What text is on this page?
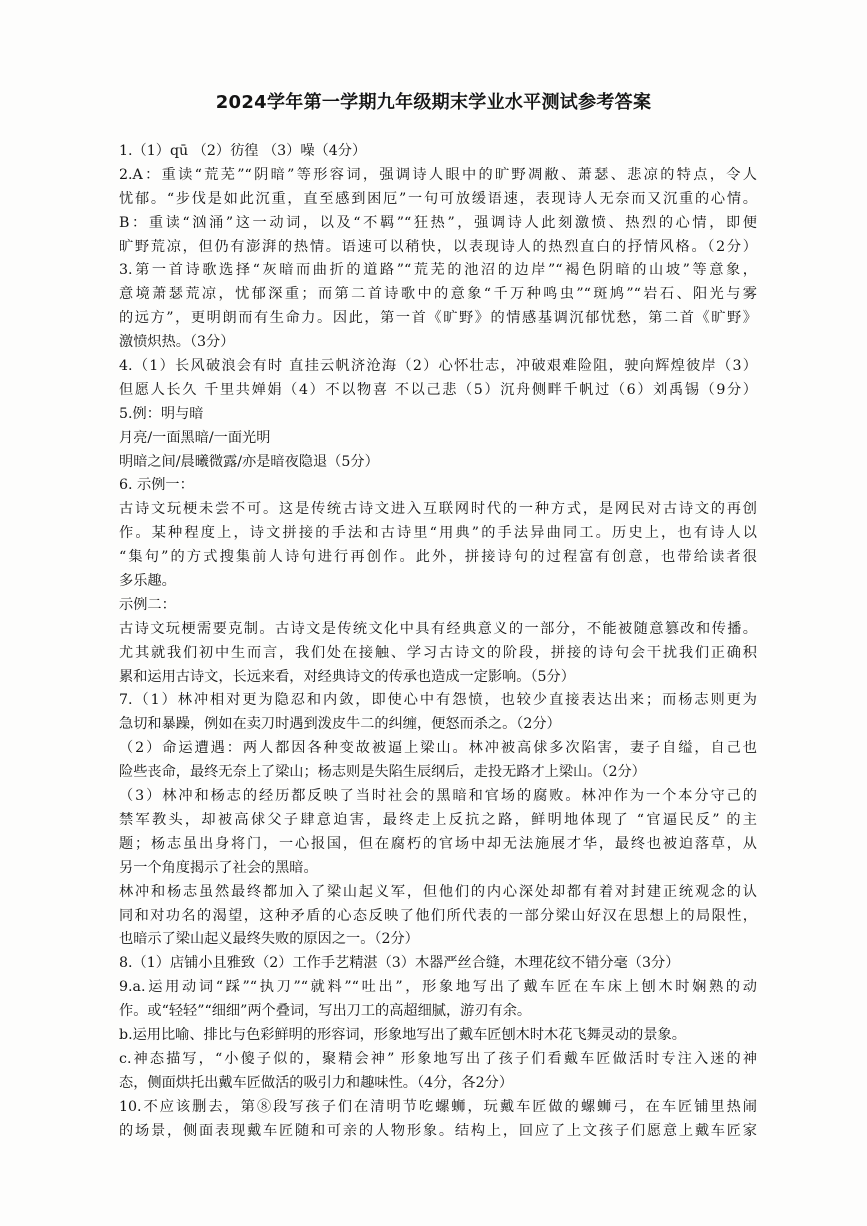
2024学年第一学期九年级期末学业水平测试参考答案
1.（1）qū （2）彷徨 （3）噪（4分）
2.A：重读“荒芜”“阴暗”等形容词，强调诗人眼中的旷野凋敝、萧瑟、悲凉的特点，令人
忧郁。“步伐是如此沉重，直至感到困厄”一句可放缓语速，表现诗人无奈而又沉重的心情。
B：重读“汹涌”这一动词，以及“不羁”“狂热”，强调诗人此刻激愤、热烈的心情，即便
旷野荒凉，但仍有澎湃的热情。语速可以稍快，以表现诗人的热烈直白的抒情风格。（2分）
3.第一首诗歌选择“灰暗而曲折的道路”“荒芜的池沼的边岸”“褐色阴暗的山坡”等意象，
意境萧瑟荒凉，忧郁深重；而第二首诗歌中的意象“千万种鸣虫”“斑鸠”“岩石、阳光与雾
的远方”，更明朗而有生命力。因此，第一首《旷野》的情感基调沉郁忧愁，第二首《旷野》
激愤炽热。（3分）
4.（1）长风破浪会有时 直挂云帆济沧海（2）心怀壮志，冲破艰难险阻，驶向辉煌彼岸（3）
但愿人长久 千里共婵娟（4）不以物喜 不以己悲（5）沉舟侧畔千帆过（6）刘禹锡（9分）
5.例：明与暗
月亮/一面黑暗/一面光明
明暗之间/晨曦微露/亦是暗夜隐退（5分）
6. 示例一：
古诗文玩梗未尝不可。这是传统古诗文进入互联网时代的一种方式，是网民对古诗文的再创
作。某种程度上，诗文拼接的手法和古诗里“用典”的手法异曲同工。历史上，也有诗人以
“集句”的方式搜集前人诗句进行再创作。此外，拼接诗句的过程富有创意，也带给读者很
多乐趣。
示例二：
古诗文玩梗需要克制。古诗文是传统文化中具有经典意义的一部分，不能被随意篡改和传播。
尤其就我们初中生而言，我们处在接触、学习古诗文的阶段，拼接的诗句会干扰我们正确积
累和运用古诗文，长远来看，对经典诗文的传承也造成一定影响。（5分）
7.（1）林冲相对更为隐忍和内敛，即使心中有怨愤，也较少直接表达出来；而杨志则更为
急切和暴躁，例如在卖刀时遇到泼皮牛二的纠缠，便怒而杀之。（2分）
（2）命运遭遇：两人都因各种变故被逼上梁山。林冲被高俅多次陷害，妻子自缢，自己也
险些丧命，最终无奈上了梁山；杨志则是失陷生辰纲后，走投无路才上梁山。（2分）
（3）林冲和杨志的经历都反映了当时社会的黑暗和官场的腐败。林冲作为一个本分守己的
禁军教头，却被高俅父子肆意迫害，最终走上反抗之路，鲜明地体现了 “官逼民反” 的主
题；杨志虽出身将门，一心报国，但在腐朽的官场中却无法施展才华，最终也被迫落草，从
另一个角度揭示了社会的黑暗。
林冲和杨志虽然最终都加入了梁山起义军，但他们的内心深处却都有着对封建正统观念的认
同和对功名的渴望，这种矛盾的心态反映了他们所代表的一部分梁山好汉在思想上的局限性，
也暗示了梁山起义最终失败的原因之一。（2分）
8.（1）店铺小且雅致（2）工作手艺精湛（3）木器严丝合缝，木理花纹不错分毫（3分）
9.a.运用动词“踩”“执刀”“就料”“吐出”，形象地写出了戴车匠在车床上刨木时娴熟的动
作。或“轻轻”“细细”两个叠词，写出刀工的高超细腻，游刃有余。
b.运用比喻、排比与色彩鲜明的形容词，形象地写出了戴车匠刨木时木花飞舞灵动的景象。
c.神态描写，“小傻子似的，聚精会神” 形象地写出了孩子们看戴车匠做活时专注入迷的神
态，侧面烘托出戴车匠做活的吸引力和趣味性。（4分，各2分）
10.不应该删去，第⑧段写孩子们在清明节吃螺蛳，玩戴车匠做的螺蛳弓，在车匠铺里热闹
的场景，侧面表现戴车匠随和可亲的人物形象。结构上，回应了上文孩子们愿意上戴车匠家
